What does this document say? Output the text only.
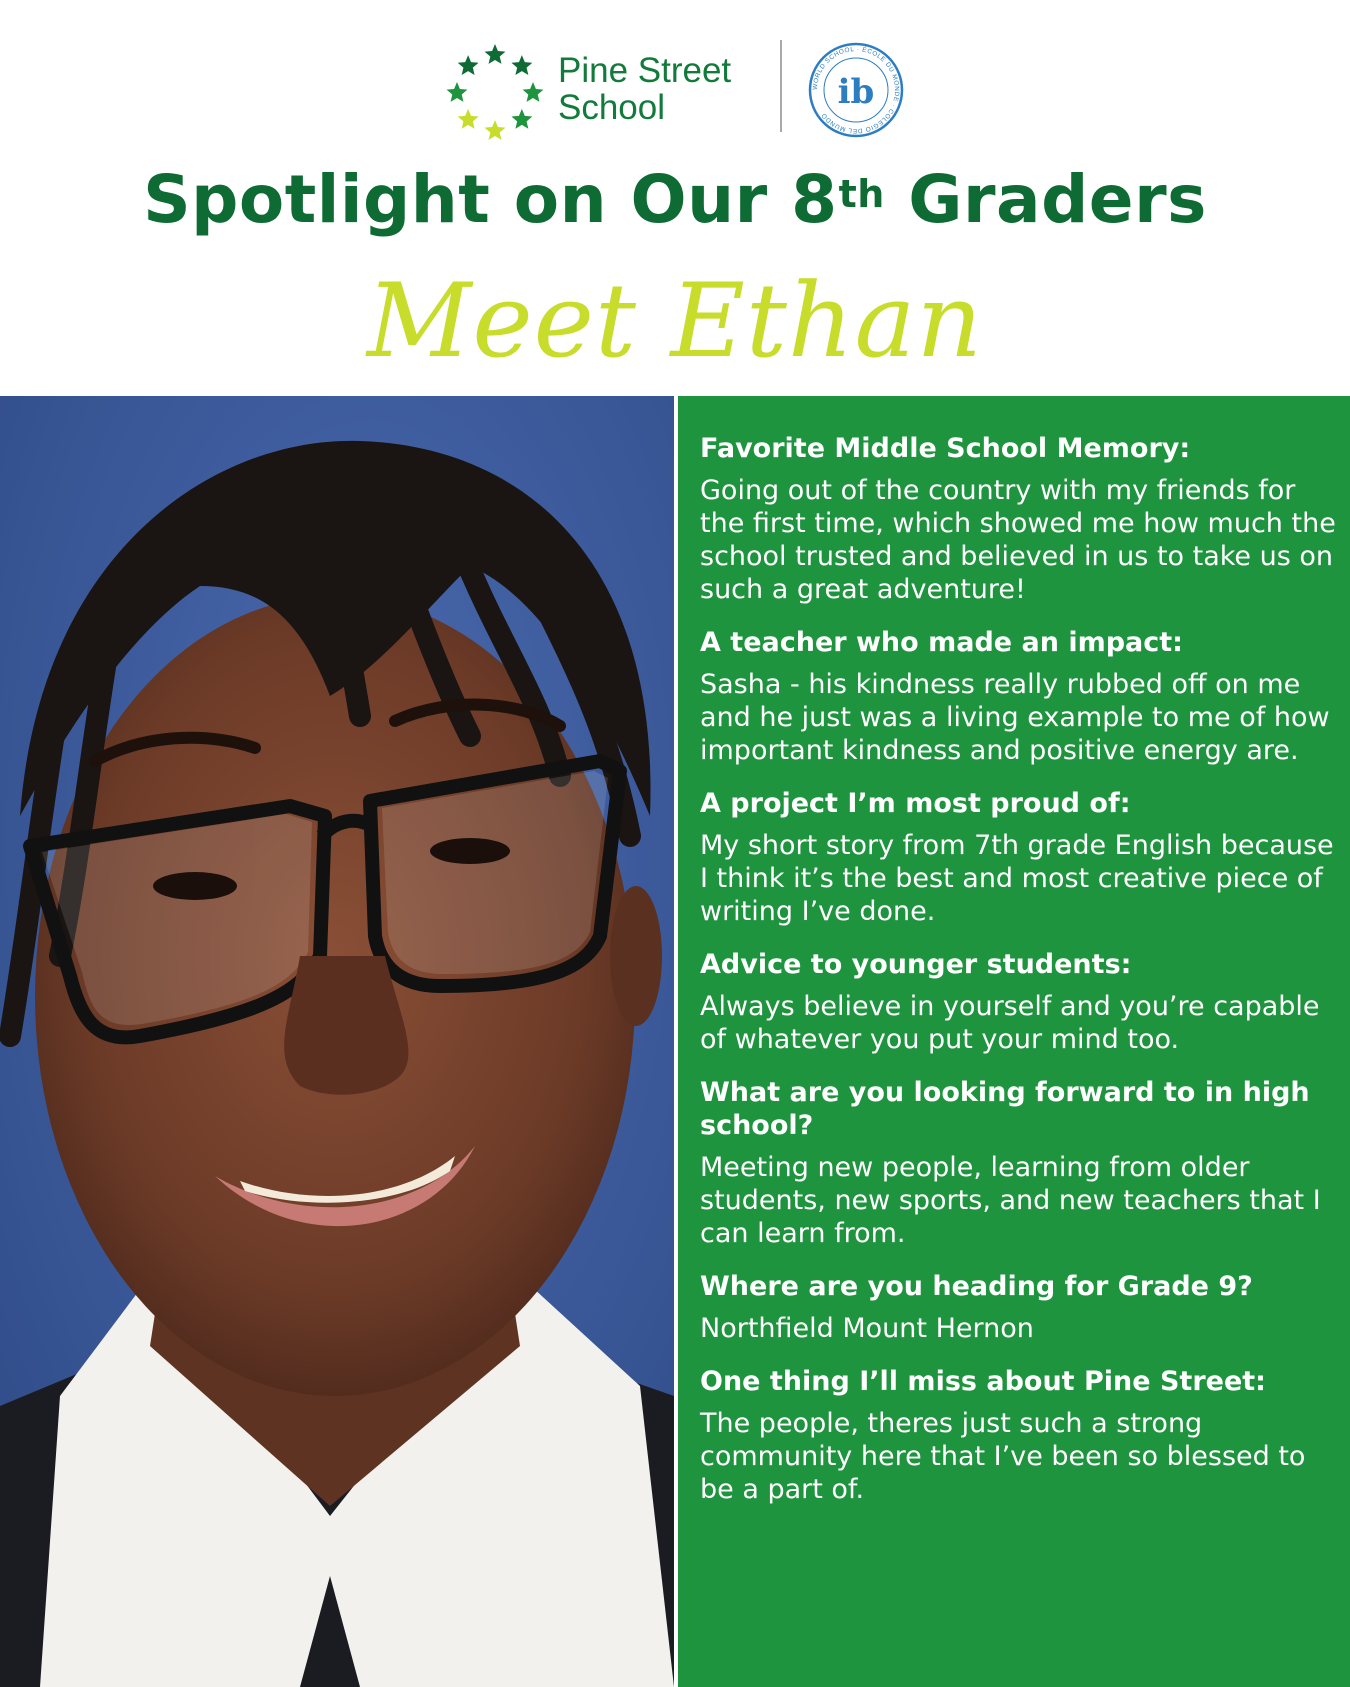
Pine Street
School
WORLD SCHOOL · ÉCOLE DU MONDE · COLEGIO DEL MUNDO
ib
Spotlight on Our 8th Graders
Meet Ethan

Favorite Middle School Memory:

Going out of the country with my friends for the first time, which showed me how much the school trusted and believed in us to take us on such a great adventure!

A teacher who made an impact:

Sasha - his kindness really rubbed off on me and he just was a living example to me of how important kindness and positive energy are.

A project I’m most proud of:

My short story from 7th grade English because I think it’s the best and most creative piece of writing I’ve done.

Advice to younger students:

Always believe in yourself and you’re capable of whatever you put your mind too.

What are you looking forward to in high school?

Meeting new people, learning from older students, new sports, and new teachers that I can learn from.

Where are you heading for Grade 9?

Northfield Mount Hernon

One thing I’ll miss about Pine Street:

The people, theres just such a strong community here that I’ve been so blessed to be a part of.
